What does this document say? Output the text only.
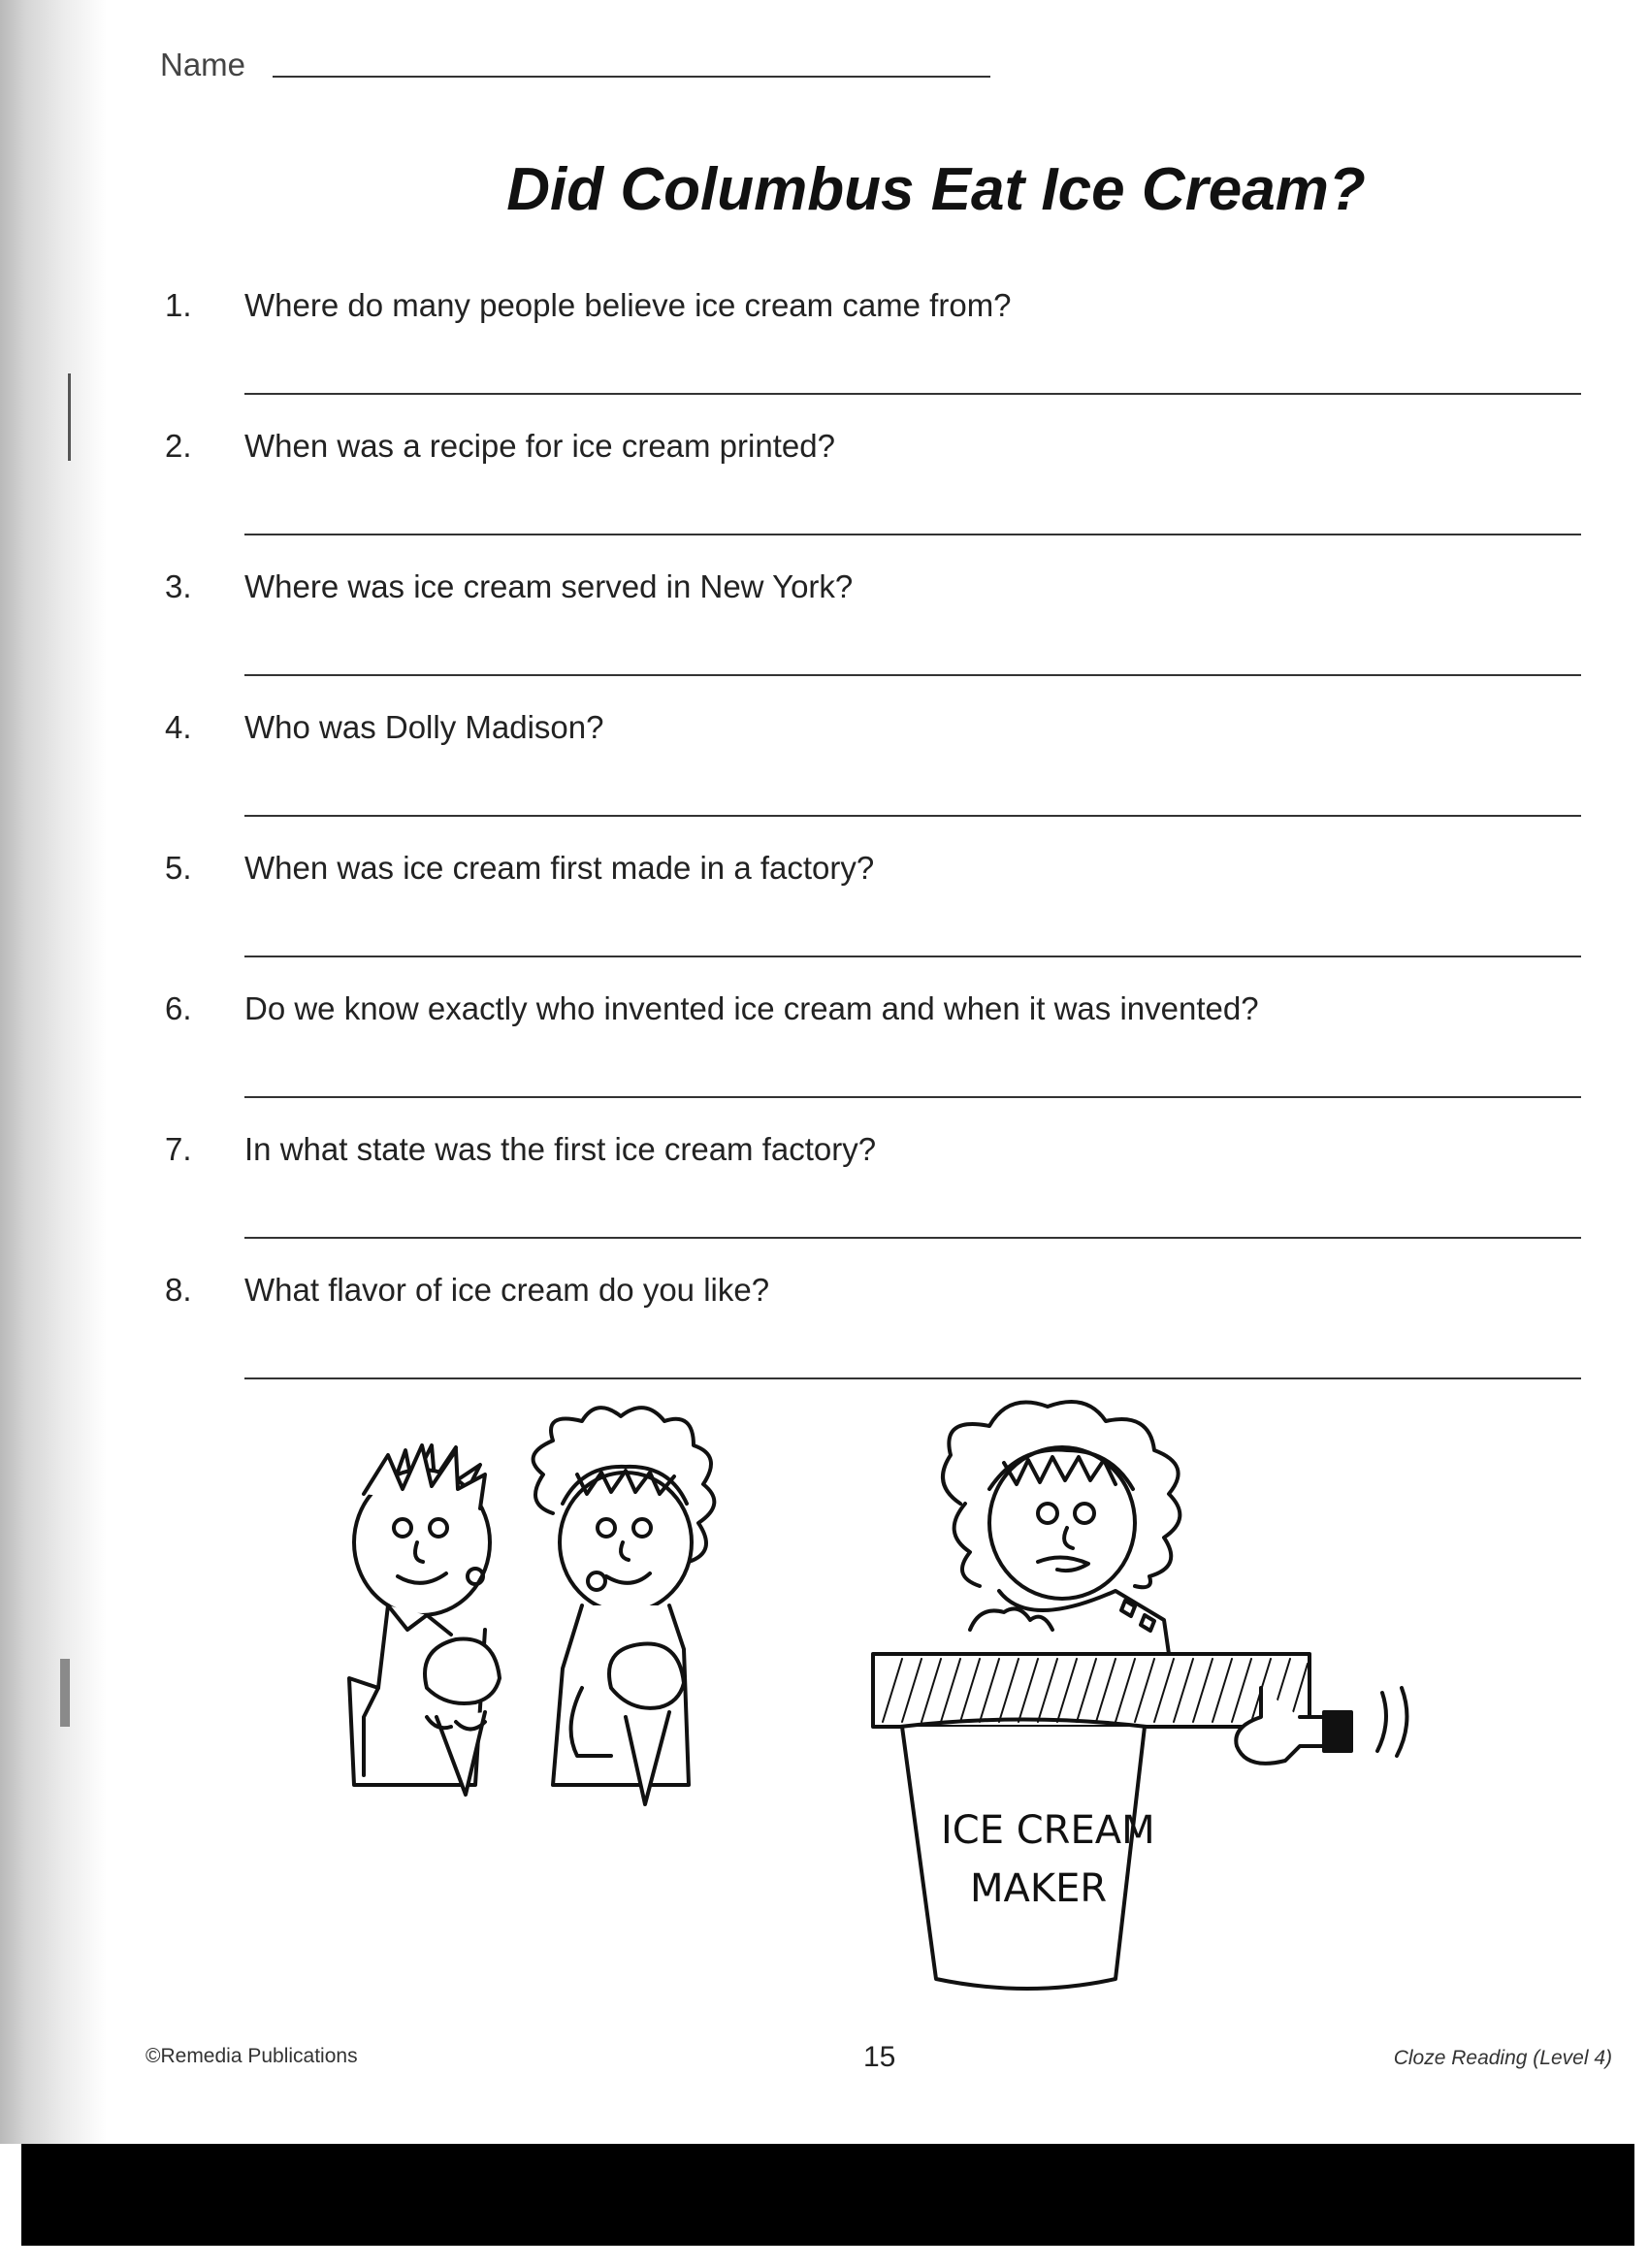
Name
Did Columbus Eat Ice Cream?
1. Where do many people believe ice cream came from?
2. When was a recipe for ice cream printed?
3. Where was ice cream served in New York?
4. Who was Dolly Madison?
5. When was ice cream first made in a factory?
6. Do we know exactly who invented ice cream and when it was invented?
7. In what state was the first ice cream factory?
8. What flavor of ice cream do you like?
ICE CREAM
MAKER
©Remedia Publications	15	Cloze Reading (Level 4)
